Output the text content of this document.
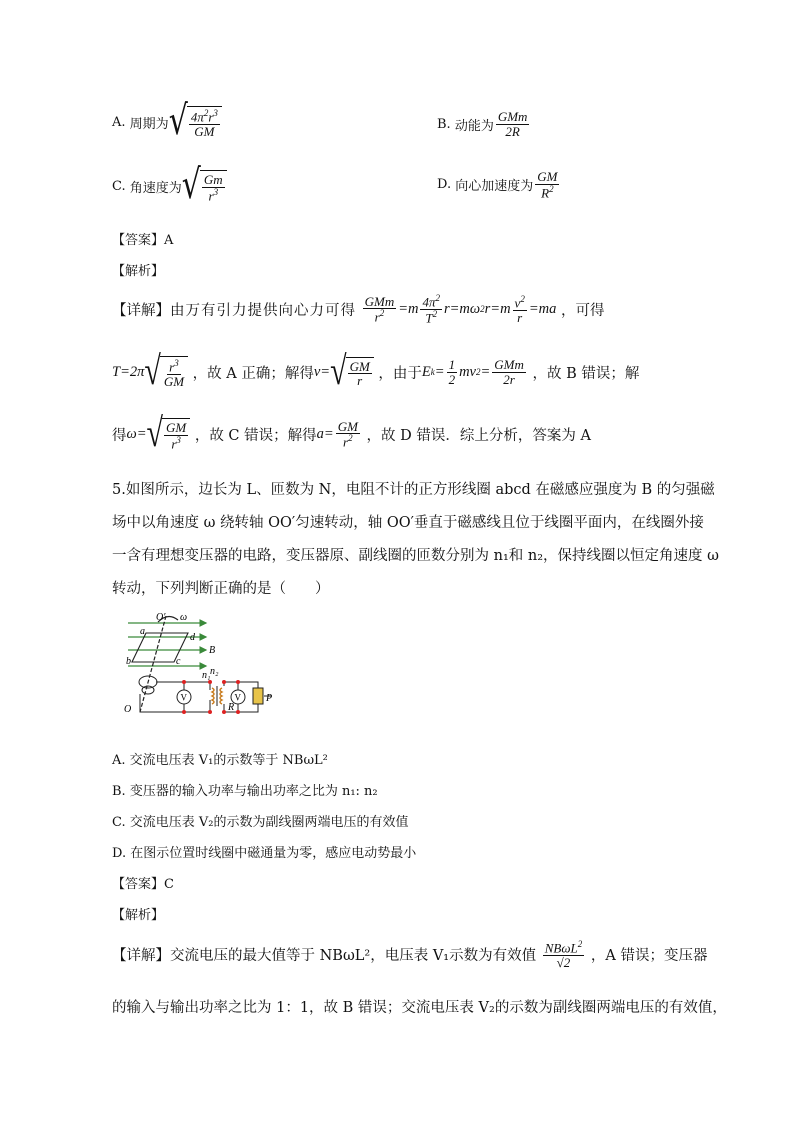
A.
周期为 √ $\frac{4\pi^2r^3}{GM}$	B.
动能为 $\frac{\text{GMm}}{2R}$
C.
角速度为 √ $\frac{Gm}{r^3}$	D.
向心加速度为 $\frac{GM}{R^2}$
【答案】A
【解析】
【详解】 由万有引力提供向心力可得
$\frac{\text{GMm}}{r^2} =m \frac{4\pi^2}{T^2} r=m\omega$ 2 $r=m \frac{v^2}{r} =ma$
，可得
T=2π √ $\frac{r^3}{GM}$
，故 A 正确；解得 v= √ $\frac{GM}{r}$
，由于 E $k = \frac{1}{2}$ mv $2 = \frac{\text{GMm}}{2r}$
，故 B 错误；解
得 ω= √ $\frac{GM}{r^3}$
，故 C 错误；解得 $a= \frac{GM}{r^2}$
，故 D 错误．综上分析，答案为 A
5.如图所示，边长为 L、匝数为 N，电阻不计的正方形线圈 abcd 在磁感应强度为 B 的匀强磁
场中以角速度 ω 绕转轴 OO′匀速转动，轴 OO′垂直于磁感线且位于线圈平面内，在线圈外接
一含有理想变压器的电路，变压器原、副线圈的匝数分别为 n₁和 n₂，保持线圈以恒定角速度 ω
转动，下列判断正确的是（　　）
V	V
O′ ω
a
d
B
b	c
n₁ n₂
R
P
O
A. 交流电压表 V₁的示数等于 NBωL²
B. 变压器的输入功率与输出功率之比为 n₁: n₂
C. 交流电压表 V₂的示数为副线圈两端电压的有效值
D. 在图示位置时线圈中磁通量为零，感应电动势最小
【答案】C
【解析】
【详解】 交流电压的最大值等于 NBωL²，电压表 V₁示数为有效值
$\frac{NB\omega L^2}{√2}$
，A 错误；变压器
的输入与输出功率之比为 1：1，故 B 错误；交流电压表 V₂的示数为副线圈两端电压的有效值，
